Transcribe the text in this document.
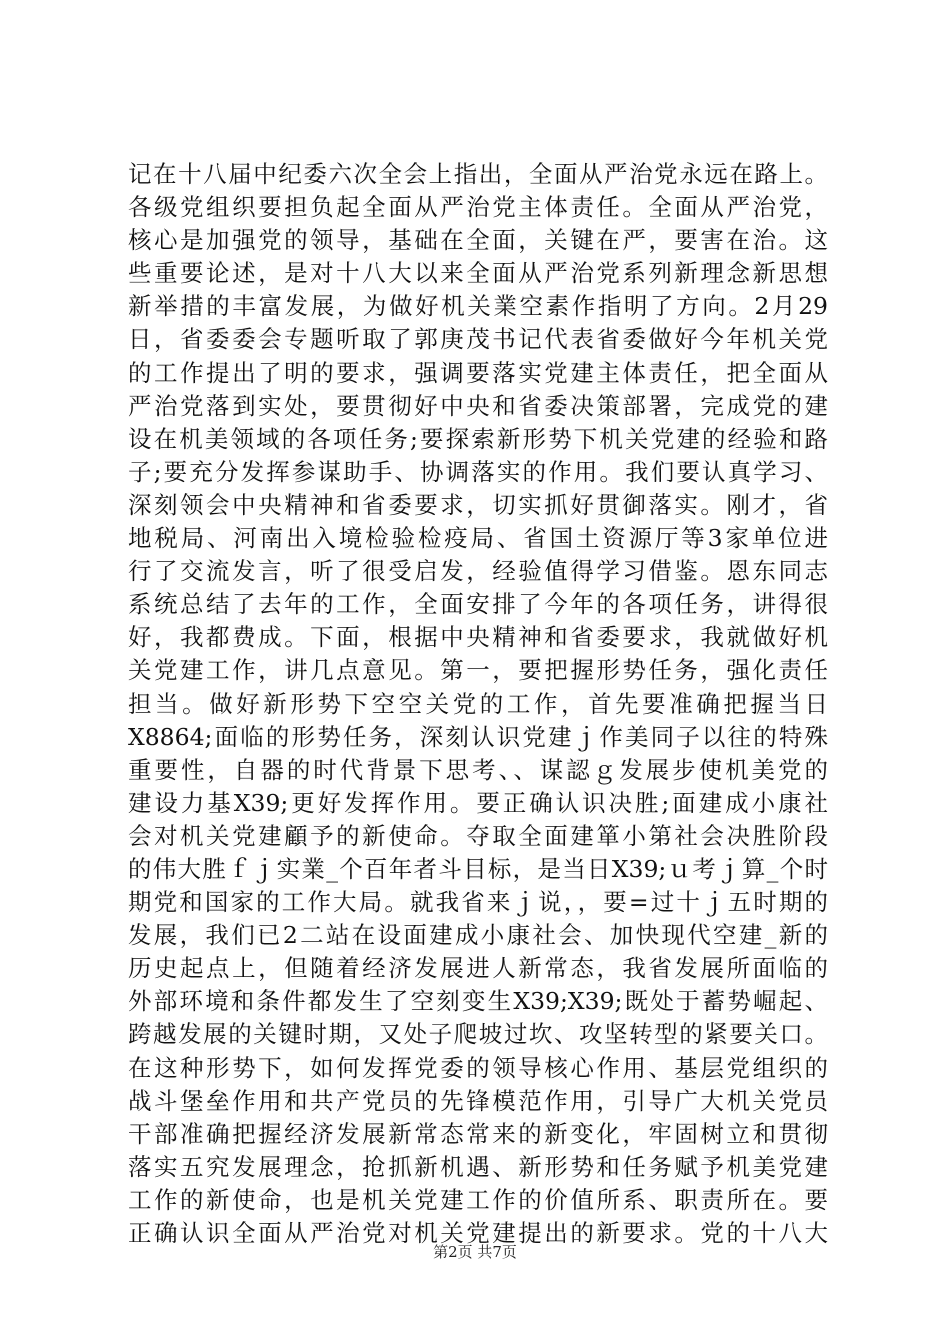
记在十八届中纪委六次全会上指出，全面从严治党永远在路上。
各级党组织要担负起全面从严治党主体责任。全面从严治党，
核心是加强党的领导，基础在全面，关键在严，要害在治。这
些重要论述，是对十八大以来全面从严治党系列新理念新思想
新举措的丰富发展，为做好机关業空素作指明了方向。2月29
日，省委委会专题听取了郭庚茂书记代表省委做好今年机关党
的工作提出了明的要求，强调要落实党建主体责任，把全面从
严治党落到实处，要贯彻好中央和省委决策部署，完成党的建
设在机美领域的各项任务;要探索新形势下机关党建的经验和路
子;要充分发挥参谋助手、协调落实的作用。我们要认真学习、
深刻领会中央精神和省委要求，切实抓好贯御落实。刚才，省
地税局、河南出入境检验检疫局、省国土资源厅等3家单位进
行了交流发言，听了很受启发，经验值得学习借鉴。恩东同志
系统总结了去年的工作，全面安排了今年的各项任务，讲得很
好，我都费成。下面，根据中央精神和省委要求，我就做好机
关党建工作，讲几点意见。第一，要把握形势任务，强化责任
担当。做好新形势下空空关党的工作，首先要准确把握当日
X8864;面临的形势任务，深刻认识党建ｊ作美同子以往的特殊
重要性，自器的时代背景下思考、、谋認ｇ发展步使机美党的
建设力基X39;更好发挥作用。要正确认识决胜;面建成小康社
会对机关党建顧予的新使命。夺取全面建箪小第社会决胜阶段
的伟大胜ｆｊ实業_个百年者斗目标，是当日X39;ｕ考ｊ算_个时
期党和国家的工作大局。就我省来ｊ说，，要=过十ｊ五时期的
发展，我们已2二站在设面建成小康社会、加快现代空建_新的
历史起点上，但随着经济发展进人新常态，我省发展所面临的
外部环境和条件都发生了空刻变生X39;X39;既处于蓄势崛起、
跨越发展的关键时期，又处子爬坡过坎、攻坚转型的紧要关口。
在这种形势下，如何发挥党委的领导核心作用、基层党组织的
战斗堡垒作用和共产党员的先锋模范作用，引导广大机关党员
干部准确把握经济发展新常态常来的新变化，牢固树立和贯彻
落实五究发展理念，抢抓新机遇、新形势和任务赋予机美党建
工作的新使命，也是机关党建工作的价值所系、职责所在。要
正确认识全面从严治党对机关党建提出的新要求。党的十八大
第2页 共7页
